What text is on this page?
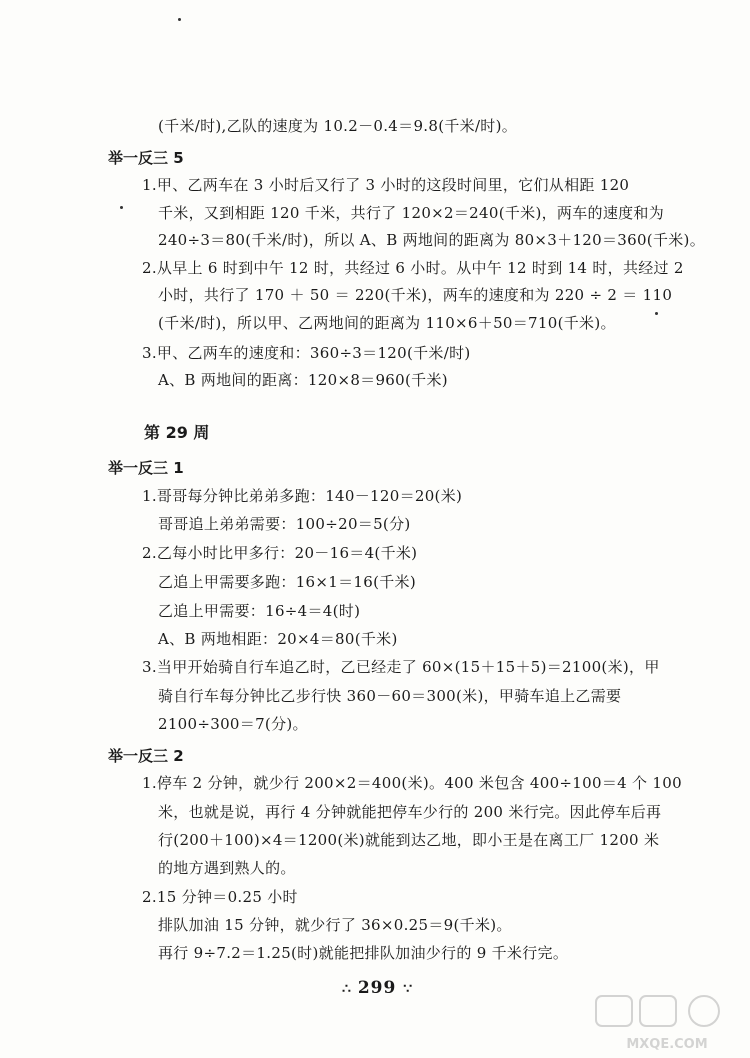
(千米/时),乙队的速度为 10.2－0.4＝9.8(千米/时)。
举一反三 5
1.甲、乙两车在 3 小时后又行了 3 小时的这段时间里，它们从相距 120
千米，又到相距 120 千米，共行了 120×2＝240(千米)，两车的速度和为
240÷3＝80(千米/时)，所以 A、B 两地间的距离为 80×3＋120＝360(千米)。
2.从早上 6 时到中午 12 时，共经过 6 小时。从中午 12 时到 14 时，共经过 2
小时，共行了 170 ＋ 50 ＝ 220(千米)，两车的速度和为 220 ÷ 2 ＝ 110
(千米/时)，所以甲、乙两地间的距离为 110×6＋50＝710(千米)。
3.甲、乙两车的速度和：360÷3＝120(千米/时)
A、B 两地间的距离：120×8＝960(千米)
第 29 周
举一反三 1
1.哥哥每分钟比弟弟多跑：140－120＝20(米)
哥哥追上弟弟需要：100÷20＝5(分)
2.乙每小时比甲多行：20－16＝4(千米)
乙追上甲需要多跑：16×1＝16(千米)
乙追上甲需要：16÷4＝4(时)
A、B 两地相距：20×4＝80(千米)
3.当甲开始骑自行车追乙时，乙已经走了 60×(15＋15＋5)＝2100(米)，甲
骑自行车每分钟比乙步行快 360－60＝300(米)，甲骑车追上乙需要
2100÷300＝7(分)。
举一反三 2
1.停车 2 分钟，就少行 200×2＝400(米)。400 米包含 400÷100＝4 个 100
米，也就是说，再行 4 分钟就能把停车少行的 200 米行完。因此停车后再
行(200＋100)×4＝1200(米)就能到达乙地，即小王是在离工厂 1200 米
的地方遇到熟人的。
2.15 分钟＝0.25 小时
排队加油 15 分钟，就少行了 36×0.25＝9(千米)。
再行 9÷7.2＝1.25(时)就能把排队加油少行的 9 千米行完。
∴ 299 ∵
MXQE.COM
